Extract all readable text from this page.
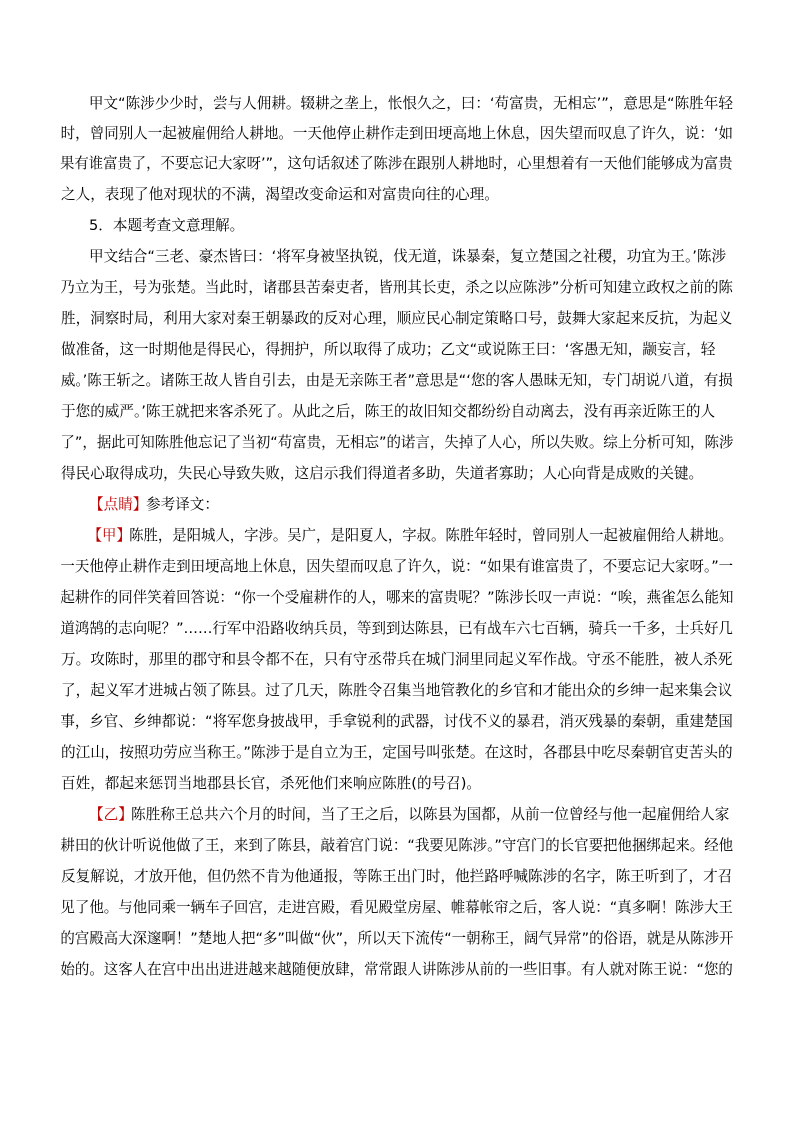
甲文“陈涉少少时，尝与人佣耕。辍耕之垄上，怅恨久之，曰：‘苟富贵，无相忘’”，意思是“陈胜年轻
时，曾同别人一起被雇佣给人耕地。一天他停止耕作走到田埂高地上休息，因失望而叹息了许久，说：‘如
果有谁富贵了，不要忘记大家呀’”，这句话叙述了陈涉在跟别人耕地时，心里想着有一天他们能够成为富贵
之人，表现了他对现状的不满，渴望改变命运和对富贵向往的心理。
5．本题考查文意理解。
甲文结合“三老、豪杰皆曰：‘将军身被坚执锐，伐无道，诛暴秦，复立楚国之社稷，功宜为王。’陈涉
乃立为王，号为张楚。当此时，诸郡县苦秦吏者，皆刑其长吏，杀之以应陈涉”分析可知建立政权之前的陈
胜，洞察时局，利用大家对秦王朝暴政的反对心理，顺应民心制定策略口号，鼓舞大家起来反抗，为起义
做准备，这一时期他是得民心，得拥护，所以取得了成功；乙文“或说陈王曰：‘客愚无知，颛妄言，轻
威。’陈王斩之。诸陈王故人皆自引去，由是无亲陈王者”意思是“‘您的客人愚昧无知，专门胡说八道，有损
于您的威严。’陈王就把来客杀死了。从此之后，陈王的故旧知交都纷纷自动离去，没有再亲近陈王的人
了”，据此可知陈胜他忘记了当初“苟富贵，无相忘”的诺言，失掉了人心，所以失败。综上分析可知，陈涉
得民心取得成功，失民心导致失败，这启示我们得道者多助，失道者寡助；人心向背是成败的关键。
【点睛】
参考译文：
【甲】
陈胜，是阳城人，字涉。吴广，是阳夏人，字叔。陈胜年轻时，曾同别人一起被雇佣给人耕地。
一天他停止耕作走到田埂高地上休息，因失望而叹息了许久，说：“如果有谁富贵了，不要忘记大家呀。”一
起耕作的同伴笑着回答说：“你一个受雇耕作的人，哪来的富贵呢？”陈涉长叹一声说：“唉，燕雀怎么能知
道鸿鹄的志向呢？”……行军中沿路收纳兵员，等到到达陈县，已有战车六七百辆，骑兵一千多，士兵好几
万。攻陈时，那里的郡守和县令都不在，只有守丞带兵在城门洞里同起义军作战。守丞不能胜，被人杀死
了，起义军才进城占领了陈县。过了几天，陈胜令召集当地管教化的乡官和才能出众的乡绅一起来集会议
事，乡官、乡绅都说：“将军您身披战甲，手拿锐利的武器，讨伐不义的暴君，消灭残暴的秦朝，重建楚国
的江山，按照功劳应当称王。”陈涉于是自立为王，定国号叫张楚。在这时，各郡县中吃尽秦朝官吏苦头的
百姓，都起来惩罚当地郡县长官，杀死他们来响应陈胜(的号召)。
【乙】
陈胜称王总共六个月的时间，当了王之后，以陈县为国都，从前一位曾经与他一起雇佣给人家
耕田的伙计听说他做了王，来到了陈县，敲着宫门说：“我要见陈涉。”守宫门的长官要把他捆绑起来。经他
反复解说，才放开他，但仍然不肯为他通报，等陈王出门时，他拦路呼喊陈涉的名字，陈王听到了，才召
见了他。与他同乘一辆车子回宫，走进宫殿，看见殿堂房屋、帷幕帐帘之后，客人说：“真多啊！陈涉大王
的宫殿高大深邃啊！”楚地人把“多”叫做“伙”，所以天下流传“一朝称王，阔气异常”的俗语，就是从陈涉开
始的。这客人在宫中出出进进越来越随便放肆，常常跟人讲陈涉从前的一些旧事。有人就对陈王说：“您的
